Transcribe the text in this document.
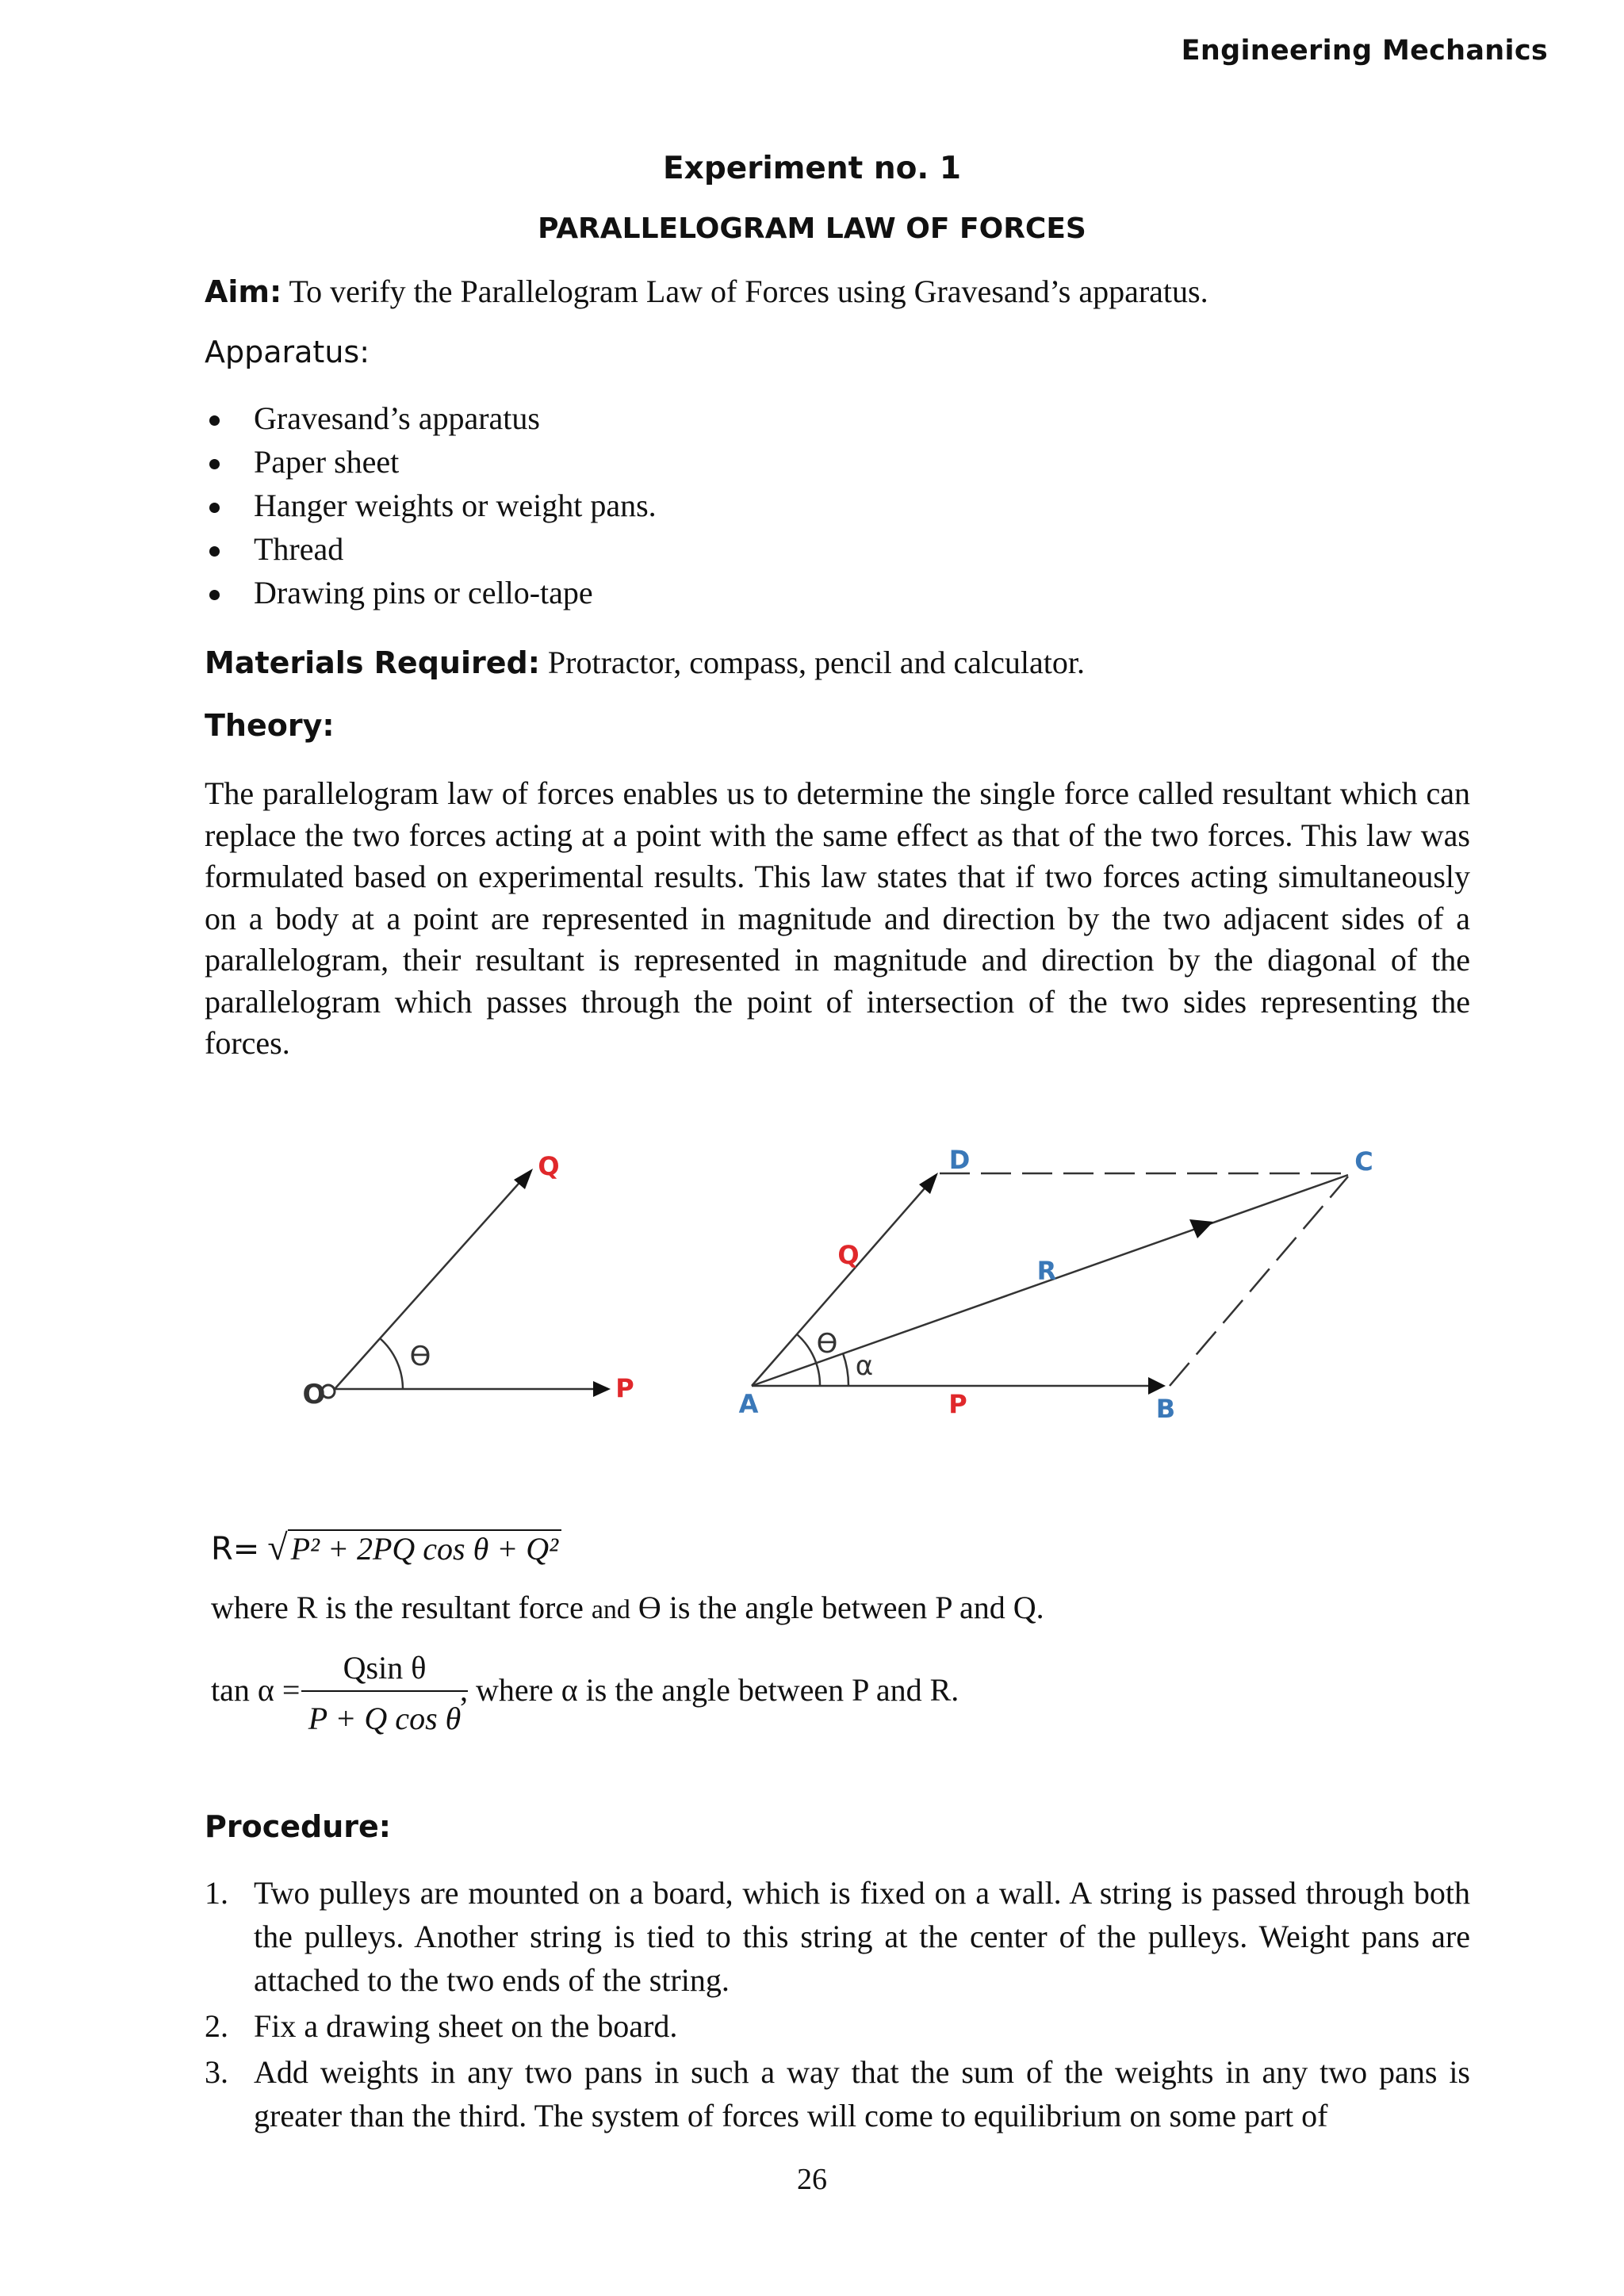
Engineering Mechanics
Experiment no. 1
PARALLELOGRAM LAW OF FORCES
Aim: To verify the Parallelogram Law of Forces using Gravesand’s apparatus.
Apparatus:
Gravesand’s apparatus
Paper sheet
Hanger weights or weight pans.
Thread
Drawing pins or cello-tape
Materials Required: Protractor, compass, pencil and calculator.
Theory:

The parallelogram law of forces enables us to determine the single force called resultant which can replace the two forces acting at a point with the same effect as that of the two forces. This law was formulated based on experimental results. This law states that if two forces acting simultaneously on a body at a point are represented in magnitude and direction by the two adjacent sides of a parallelogram, their resultant is represented in magnitude and direction by the diagonal of the parallelogram which passes through the point of intersection of the two sides representing the forces.

O	P
Q
ϴ
A	B
C
D
P
Q
R
ϴ
α
R= √ P² + 2PQ cos θ + Q²
where R is the resultant force and ϴ is the angle between P and Q.
tan α =
Qsin θ
P + Q cos θ
, where α is the angle between P and R.
Procedure:
1. Two pulleys are mounted on a board, which is fixed on a wall. A string is passed through both the pulleys. Another string is tied to this string at the center of the pulleys. Weight pans are attached to the two ends of the string.
2. Fix a drawing sheet on the board.
3. Add weights in any two pans in such a way that the sum of the weights in any two pans is greater than the third. The system of forces will come to equilibrium on some part of
26
